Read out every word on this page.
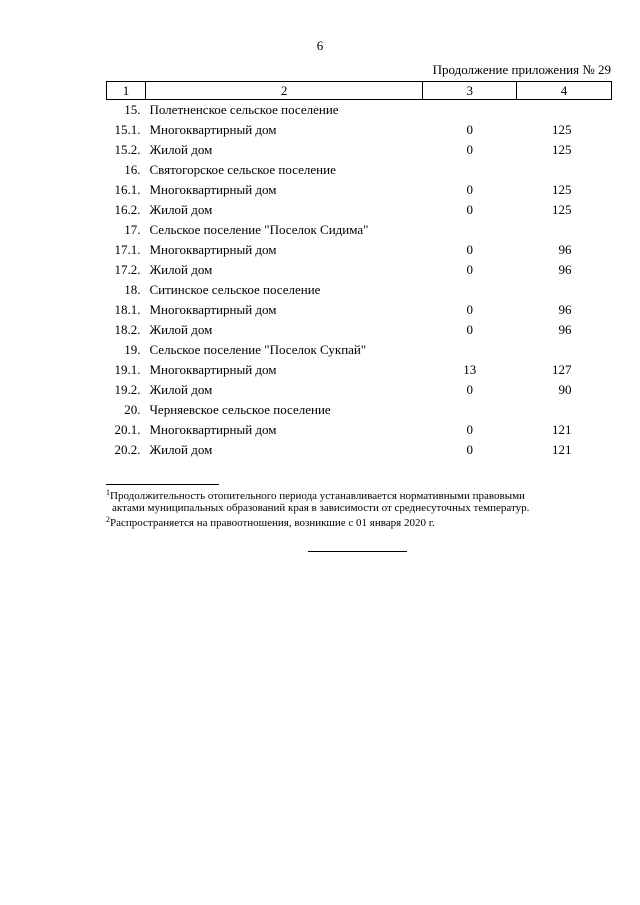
6
Продолжение приложения № 29
1	2	3	4
15.	Полетненское сельское поселение		
15.1.	Многоквартирный дом	0	125
15.2.	Жилой дом	0	125
16.	Святогорское сельское поселение		
16.1.	Многоквартирный дом	0	125
16.2.	Жилой дом	0	125
17.	Сельское поселение "Поселок Сидима"		
17.1.	Многоквартирный дом	0	96
17.2.	Жилой дом	0	96
18.	Ситинское сельское поселение		
18.1.	Многоквартирный дом	0	96
18.2.	Жилой дом	0	96
19.	Сельское поселение "Поселок Сукпай"		
19.1.	Многоквартирный дом	13	127
19.2.	Жилой дом	0	90
20.	Черняевское сельское поселение		
20.1.	Многоквартирный дом	0	121
20.2.	Жилой дом	0	121
$^1$Продолжительность отопительного периода устанавливается нормативными правовыми
актами муниципальных образований края в зависимости от среднесуточных температур.
$^2$Распространяется на правоотношения, возникшие с 01 января 2020 г.
